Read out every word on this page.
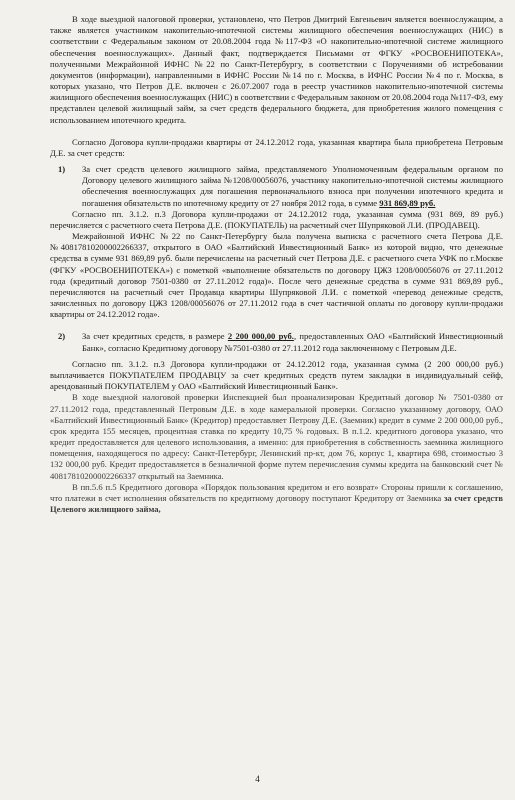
В ходе выездной налоговой проверки, установлено, что Петров Дмитрий Евгеньевич является военнослужащим, а также является участником накопительно-ипотечной системы жилищного обеспечения военнослужащих (НИС) в соответствии с Федеральным законом от 20.08.2004 года №117-ФЗ «О накопительно-ипотечной системе жилищного обеспечения военнослужащих». Данный факт, подтверждается Письмами от ФГКУ «РОСВОЕНИПОТЕКА», полученными Межрайонной ИФНС №22 по Санкт-Петербургу, в соответствии с Поручениями об истребовании документов (информации), направленными в ИФНС России №14 по г. Москва, в ИФНС России №4 по г. Москва, в которых указано, что Петров Д.Е. включен с 26.07.2007 года в реестр участников накопительно-ипотечной системы жилищного обеспечения военнослужащих (НИС) в соответствии с Федеральным законом от 20.08.2004 года №117-ФЗ, ему представлен целевой жилищный займ, за счет средств федерального бюджета, для приобретения жилого помещения с использованием ипотечного кредита.

Согласно Договора купли-продажи квартиры от 24.12.2012 года, указанная квартира была приобретена Петровым Д.Е. за счет средств:

1)	За счет средств целевого жилищного займа, представляемого Уполномоченным федеральным органом по Договору целевого жилищного займа №1208/00056076, участнику накопительно-ипотечной системы жилищного обеспечения военнослужащих для погашения первоначального взноса при получении ипотечного кредита и погашения обязательств по ипотечному кредиту от 27 ноября 2012 года, в сумме 931 869,89 руб.

Согласно пп. 3.1.2. п.3 Договора купли-продажи от 24.12.2012 года, указанная сумма (931 869, 89 руб.) перечисляется с расчетного счета Петрова Д.Е. (ПОКУПАТЕЛЬ) на расчетный счет Шупряковой Л.И. (ПРОДАВЕЦ).

Межрайонной ИФНС №22 по Санкт-Петербургу была получена выписка с расчетного счета Петрова Д.Е. №40817810200002266337, открытого в ОАО «Балтийский Инвестиционный Банк» из которой видно, что денежные средства в сумме 931 869,89 руб. были перечислены на расчетный счет Петрова Д.Е. с расчетного счета УФК по г.Москве (ФГКУ «РОСВОЕНИПОТЕКА») с пометкой «выполнение обязательств по договору ЦЖЗ 1208/00056076 от 27.11.2012 года (кредитный договор 7501-0380 от 27.11.2012 года)». После чего денежные средства в сумме 931 869,89 руб., перечисляются на расчетный счет Продавца квартиры Шупряковой Л.И. с пометкой «перевод денежные средств, зачисленных по договору ЦЖЗ 1208/00056076 от 27.11.2012 года в счет частичной оплаты по договору купли-продажи квартиры от 24.12.2012 года».

2)	За счет кредитных средств, в размере 2 200 000,00 руб., предоставленных ОАО «Балтийский Инвестиционный Банк», согласно Кредитному договору №7501-0380 от 27.11.2012 года заключенному с Петровым Д.Е.

Согласно пп. 3.1.2. п.3 Договора купли-продажи от 24.12.2012 года, указанная сумма (2 200 000,00 руб.) выплачивается ПОКУПАТЕЛЕМ ПРОДАВЦУ за счет кредитных средств путем закладки в индивидуальный сейф, арендованный ПОКУПАТЕЛЕМ у ОАО «Балтийский Инвестиционный Банк».

В ходе выездной налоговой проверки Инспекцией был проанализирован Кредитный договор № 7501-0380 от 27.11.2012 года, представленный Петровым Д.Е. в ходе камеральной проверки. Согласно указанному договору, ОАО «Балтийский Инвестиционный Банк» (Кредитор) предоставляет Петрову Д.Е. (Заемник) кредит в сумме 2 200 000,00 руб., срок кредита 155 месяцев, процентная ставка по кредиту 10,75 % годовых. В п.1.2. кредитного договора указано, что кредит предоставляется для целевого использования, а именно: для приобретения в собственность заемника жилищного помещения, находящегося по адресу: Санкт-Петербург, Ленинский пр-кт, дом 76, корпус 1, квартира 698, стоимостью 3 132 000,00 руб. Кредит предоставляется в безналичной форме путем перечисления суммы кредита на банковский счет № 40817810200002266337 открытый на Заемника.

В пп.5.6 п.5 Кредитного договора «Порядок пользования кредитом и его возврат» Стороны пришли к соглашению, что платежи в счет исполнения обязательств по кредитному договору поступают Кредитору от Заемника за счет средств Целевого жилищного займа,

4
